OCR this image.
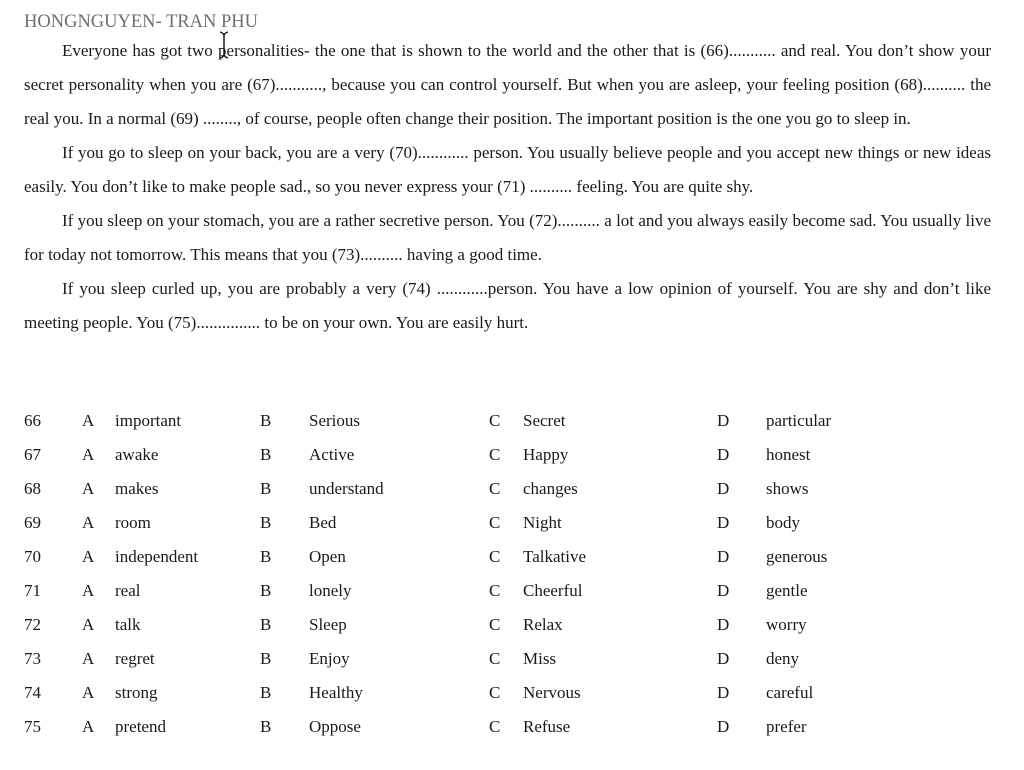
HONGNGUYEN- TRAN PHU

Everyone has got two personalities- the one that is shown to the world and the other that is (66)........... and real. You don’t show your secret personality when you are (67)..........., because you can control yourself. But when you are asleep, your feeling position (68).......... the real you. In a normal (69) ........, of course, people often change their position. The important position is the one you go to sleep in.

If you go to sleep on your back, you are a very (70)............ person. You usually believe people and you accept new things or new ideas easily. You don’t like to make people sad., so you never express your (71) .......... feeling. You are quite shy.

If you sleep on your stomach, you are a rather secretive person. You (72).......... a lot and you always easily become sad. You usually live for today not tomorrow. This means that you (73).......... having a good time.

If you sleep curled up, you are probably a very (74) ............person. You have a low opinion of yourself. You are shy and don’t like meeting people. You (75)............... to be on your own. You are easily hurt.

66 A important	B Serious	C Secret	D particular
67 A awake	B Active	C Happy	D honest
68 A makes	B understand	C changes	D shows
69 A room	B Bed	C Night	D body
70 A independent	B Open	C Talkative	D generous
71 A real	B lonely	C Cheerful	D gentle
72 A talk	B Sleep	C Relax	D worry
73 A regret	B Enjoy	C Miss	D deny
74 A strong	B Healthy	C Nervous	D careful
75 A pretend	B Oppose	C Refuse	D prefer
